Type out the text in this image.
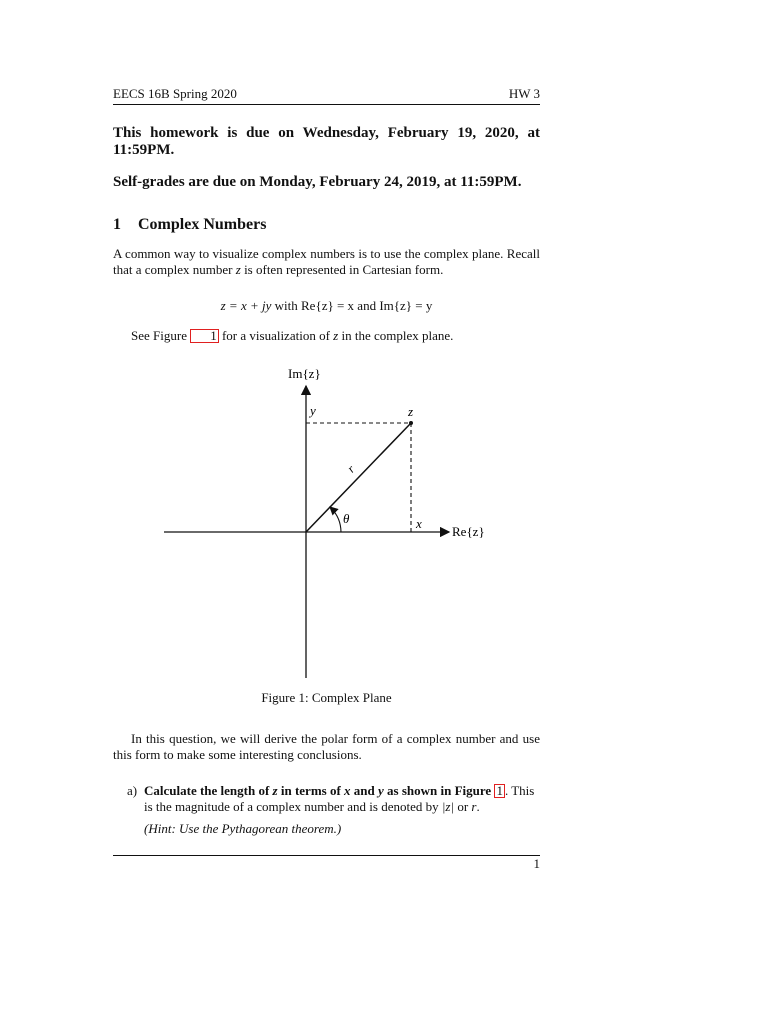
EECS 16B Spring 2020	HW 3
This homework is due on Wednesday, February 19, 2020, at 11:59PM.
Self-grades are due on Monday, February 24, 2019, at 11:59PM.
1 Complex Numbers
A common way to visualize complex numbers is to use the complex plane. Recall that a complex number z is often represented in Cartesian form.
z = x + jy with Re{z} = x and Im{z} = y
See Figure 1 for a visualization of z in the complex plane.
Im{z}
Re{z}
y
x
z
r
θ
Figure 1: Complex Plane
In this question, we will derive the polar form of a complex number and use this form to make some interesting conclusions.
a) Calculate the length of z in terms of x and y as shown in Figure 1 . This is the magnitude of a complex number and is denoted by |z| or r.
(Hint: Use the Pythagorean theorem.)
1
